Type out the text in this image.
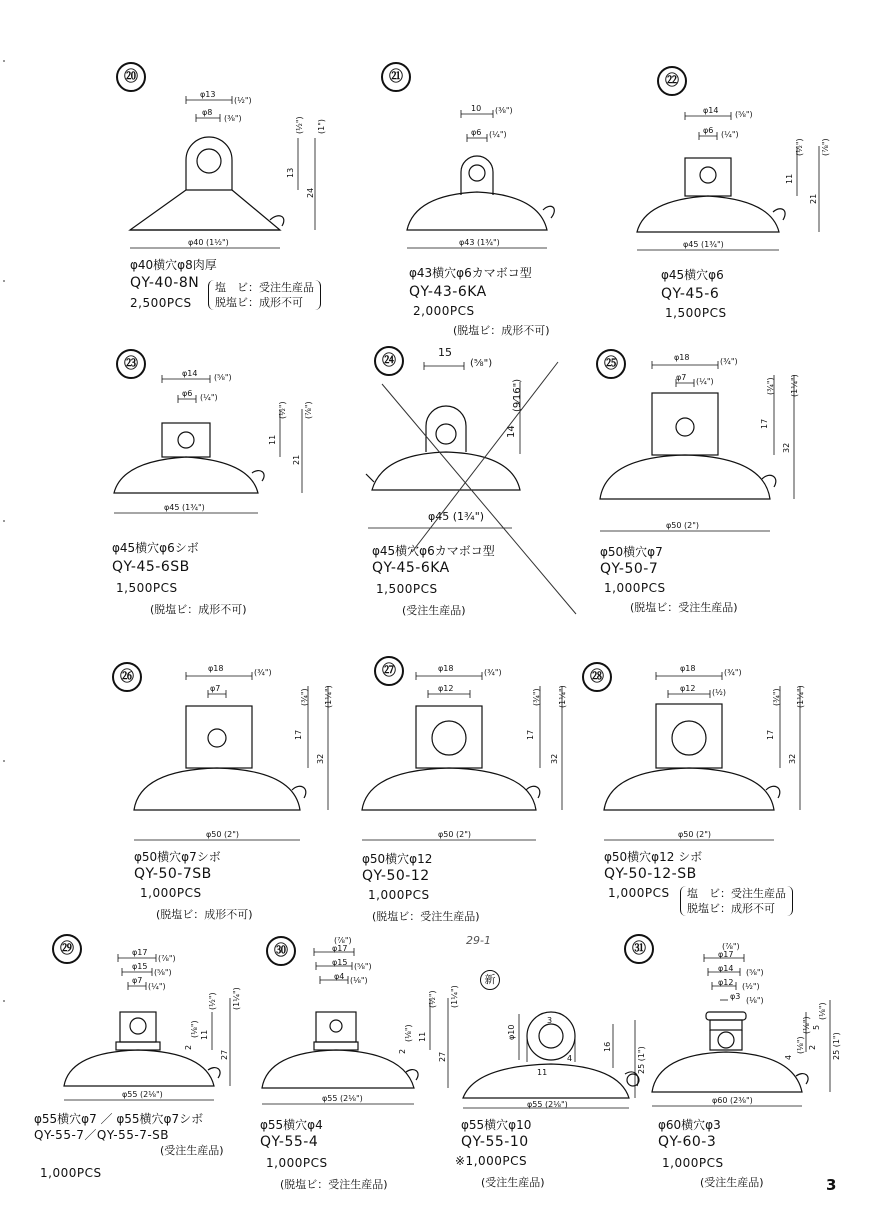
⑳
φ13
(½")
φ8
(⅜")
13
(½")
24
(1")
φ40 (1½")
φ40横穴φ8肉厚
QY-40-8N
2,500PCS
塩　ビ：受注生産品
脱塩ビ：成形不可
㉑
10 (⅜")
φ6 (¼")
φ43 (1¾")
φ43横穴φ6カマボコ型
QY-43-6KA
2,000PCS
(脱塩ビ：成形不可)
㉒
φ14 (⅝")
φ6 (¼")
11
(½")
21
(⅞")
φ45 (1¾")
φ45横穴φ6
QY-45-6
1,500PCS
㉓
φ14 (⅝")
φ6 (¼")
11
(½")
21
(⅞")
φ45 (1¾")
φ45横穴φ6シボ
QY-45-6SB
1,500PCS
(脱塩ビ：成形不可)
㉔
15
(⅝")
14
(9⁄16")
φ45 (1¾")
φ45横穴φ6カマボコ型
QY-45-6KA
1,500PCS
(受注生産品)
㉕	φ18	(¾")
φ7 (¼")
17
(¾")
32
(1¼")
φ50 (2")
φ50横穴φ7
QY-50-7
1,000PCS
(脱塩ビ：受注生産品)
㉖
φ18	(¾")
φ7
17
(¾")
32
(1¼")
φ50 (2")
φ50横穴φ7シボ
QY-50-7SB
1,000PCS
(脱塩ビ：成形不可)
㉗	φ18	(¾")
φ12
17
(¾")
32
(1¼")
φ50 (2")
φ50横穴φ12
QY-50-12
1,000PCS
(脱塩ビ：受注生産品)
㉘
φ18	(¾")
φ12 (½)
17
(¾")
32
(1¼")
φ50 (2")
φ50横穴φ12 シボ
QY-50-12-SB
1,000PCS 塩　ビ：受注生産品
脱塩ビ：成形不可
㉙	φ17
(⅞")
φ15
(⅝")
φ7
(¼")
2
(⅛") 11
(½")
27
(1¼")
φ55 (2⅛")
φ55横穴φ7 ／ φ55横穴φ7シボ
QY-55-7／QY-55-7-SB
(受注生産品)
1,000PCS
㉚
(⅞")
φ17
φ15 (⅝")
φ4 (⅛")
2
(⅛") 11
(½")
27
(1¼")
φ55 (2⅛")
φ55横穴φ4
QY-55-4
1,000PCS
(脱塩ビ：受注生産品)
29-1
新
φ10
3
4
11
16	25 (1")
φ55 (2⅛")
φ55横穴φ10
QY-55-10
※1,000PCS
(受注生産品)
㉛	(⅞")
φ17
φ14 (⅝")
φ12 (½")
φ3 (⅛")
4
(⅛") 2
(⅛") 5
(⅛")
25 (1")
φ60 (2⅜")
φ60横穴φ3
QY-60-3
1,000PCS
(受注生産品)	3
